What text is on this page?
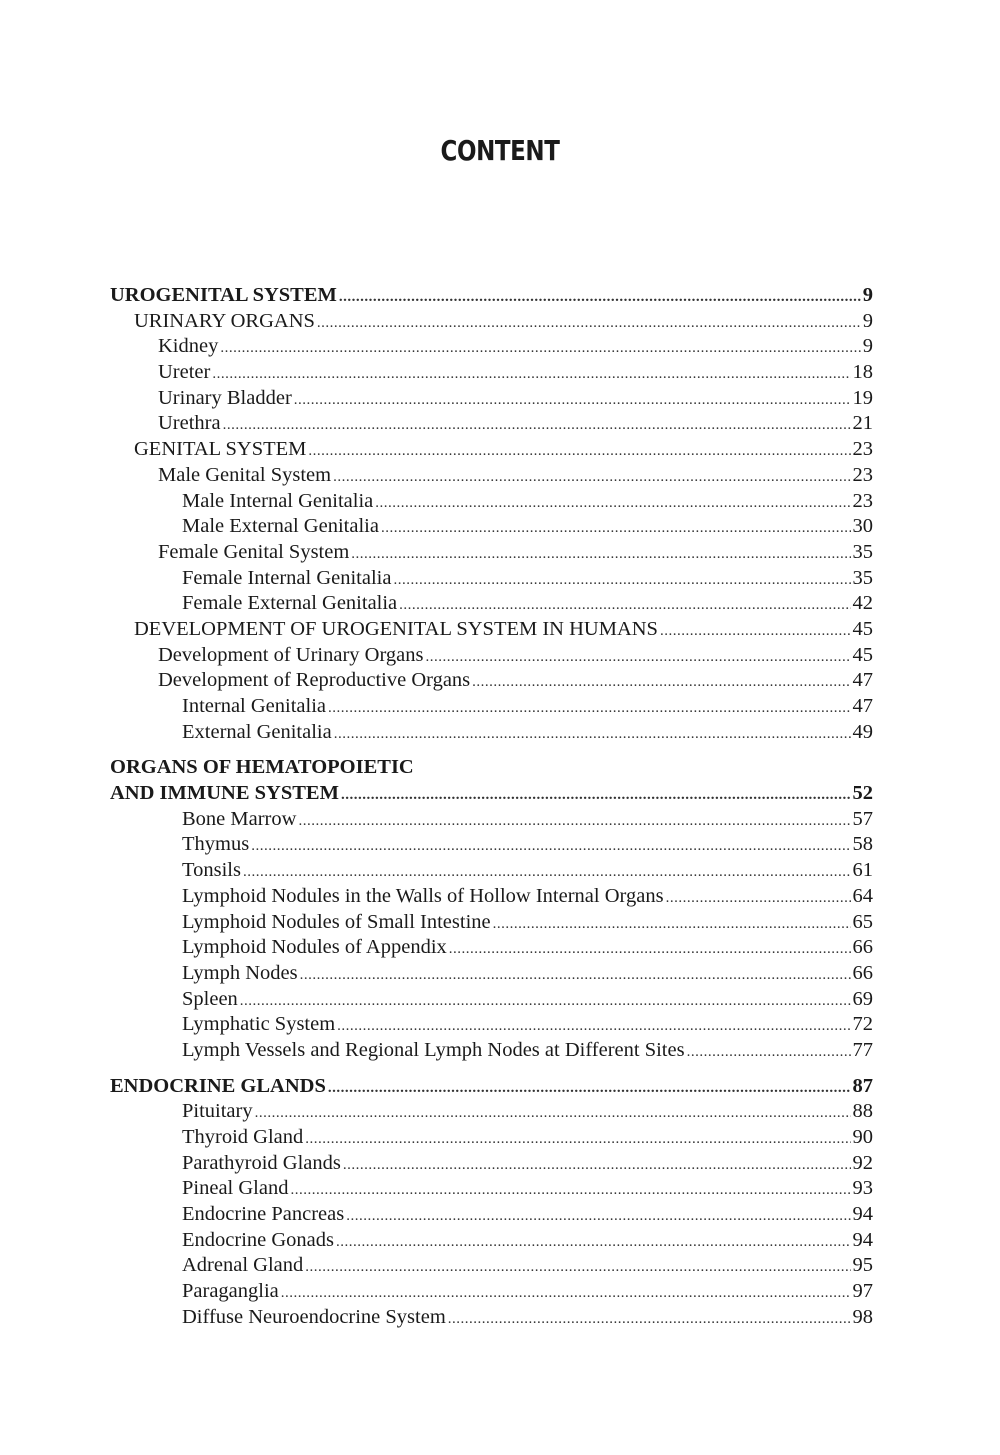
CONTENT
UROGENITAL SYSTEM .....	9
URINARY ORGANS .....	9
Kidney .....	9
Ureter .....	18
Urinary Bladder .....	19
Urethra .....	21
GENITAL SYSTEM .....	23
Male Genital System .....	23
Male Internal Genitalia .....	23
Male External Genitalia .....	30
Female Genital System .....	35
Female Internal Genitalia .....	35
Female External Genitalia .....	42
DEVELOPMENT OF UROGENITAL SYSTEM IN HUMANS .....	45
Development of Urinary Organs .....	45
Development of Reproductive Organs .....	47
Internal Genitalia .....	47
External Genitalia .....	49
ORGANS OF HEMATOPOIETIC
AND IMMUNE SYSTEM .....	52
Bone Marrow .....	57
Thymus .....	58
Tonsils .....	61
Lymphoid Nodules in the Walls of Hollow Internal Organs .....	64
Lymphoid Nodules of Small Intestine .....	65
Lymphoid Nodules of Appendix .....	66
Lymph Nodes .....	66
Spleen .....	69
Lymphatic System .....	72
Lymph Vessels and Regional Lymph Nodes at Different Sites .....	77
ENDOCRINE GLANDS .....	87
Pituitary .....	88
Thyroid Gland .....	90
Parathyroid Glands .....	92
Pineal Gland .....	93
Endocrine Pancreas .....	94
Endocrine Gonads .....	94
Adrenal Gland .....	95
Paraganglia .....	97
Diffuse Neuroendocrine System .....	98
